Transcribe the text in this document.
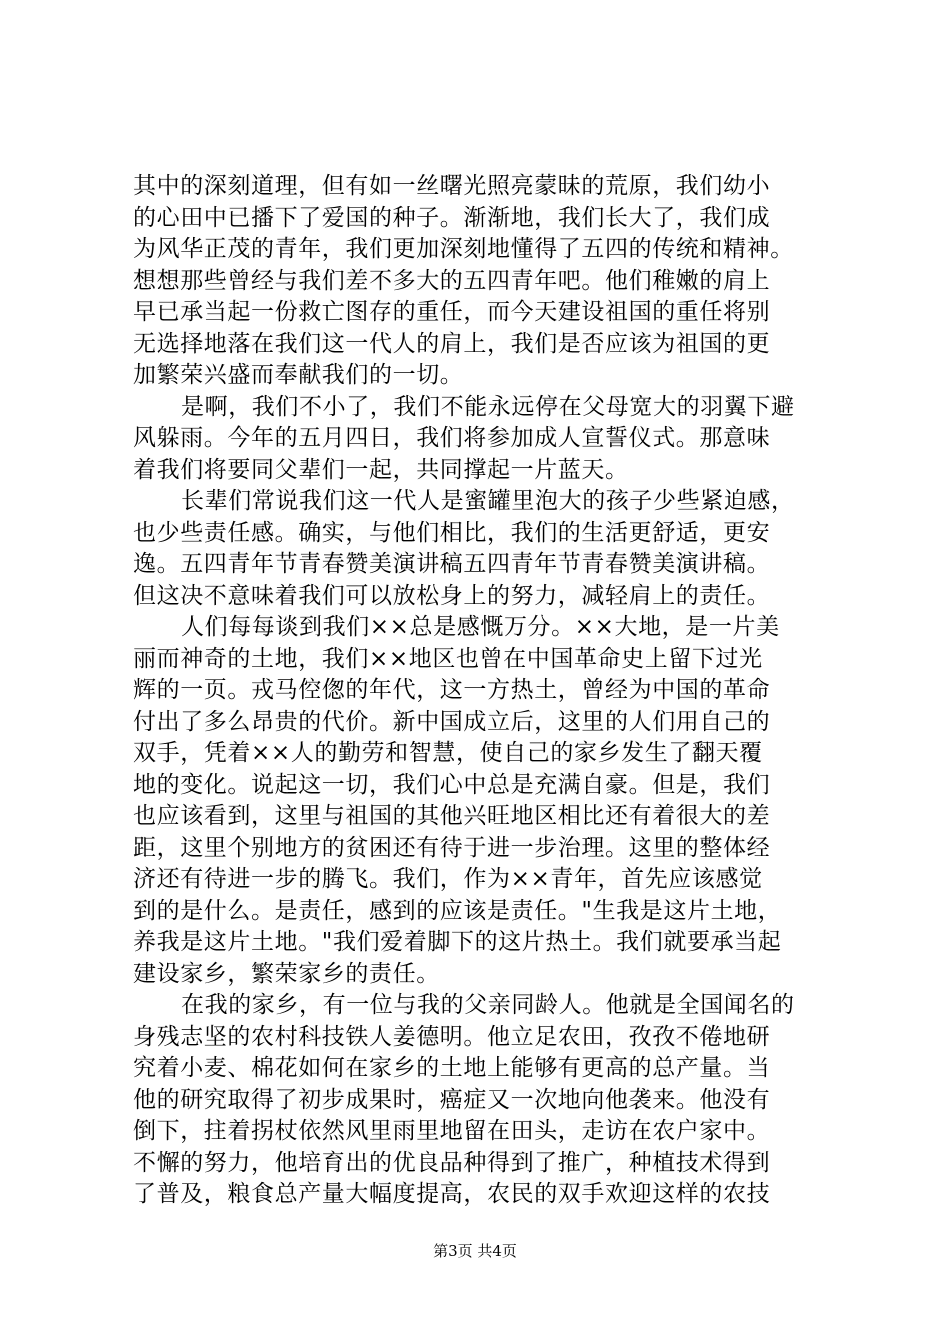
其中的深刻道理，但有如一丝曙光照亮蒙昧的荒原，我们幼小
的心田中已播下了爱国的种子。渐渐地，我们长大了，我们成
为风华正茂的青年，我们更加深刻地懂得了五四的传统和精神。
想想那些曾经与我们差不多大的五四青年吧。他们稚嫩的肩上
早已承当起一份救亡图存的重任，而今天建设祖国的重任将别
无选择地落在我们这一代人的肩上，我们是否应该为祖国的更
加繁荣兴盛而奉献我们的一切。
是啊，我们不小了，我们不能永远停在父母宽大的羽翼下避
风躲雨。今年的五月四日，我们将参加成人宣誓仪式。那意味
着我们将要同父辈们一起，共同撑起一片蓝天。
长辈们常说我们这一代人是蜜罐里泡大的孩子少些紧迫感，
也少些责任感。确实，与他们相比，我们的生活更舒适，更安
逸。五四青年节青春赞美演讲稿五四青年节青春赞美演讲稿。
但这决不意味着我们可以放松身上的努力，减轻肩上的责任。
人们每每谈到我们××总是感慨万分。××大地，是一片美
丽而神奇的土地，我们××地区也曾在中国革命史上留下过光
辉的一页。戎马倥偬的年代，这一方热土，曾经为中国的革命
付出了多么昂贵的代价。新中国成立后，这里的人们用自己的
双手，凭着××人的勤劳和智慧，使自己的家乡发生了翻天覆
地的变化。说起这一切，我们心中总是充满自豪。但是，我们
也应该看到，这里与祖国的其他兴旺地区相比还有着很大的差
距，这里个别地方的贫困还有待于进一步治理。这里的整体经
济还有待进一步的腾飞。我们，作为××青年，首先应该感觉
到的是什么。是责任，感到的应该是责任。"生我是这片土地，
养我是这片土地。"我们爱着脚下的这片热土。我们就要承当起
建设家乡，繁荣家乡的责任。
在我的家乡，有一位与我的父亲同龄人。他就是全国闻名的
身残志坚的农村科技铁人姜德明。他立足农田，孜孜不倦地研
究着小麦、棉花如何在家乡的土地上能够有更高的总产量。当
他的研究取得了初步成果时，癌症又一次地向他袭来。他没有
倒下，拄着拐杖依然风里雨里地留在田头，走访在农户家中。
不懈的努力，他培育出的优良品种得到了推广，种植技术得到
了普及，粮食总产量大幅度提高，农民的双手欢迎这样的农技
第3页 共4页
